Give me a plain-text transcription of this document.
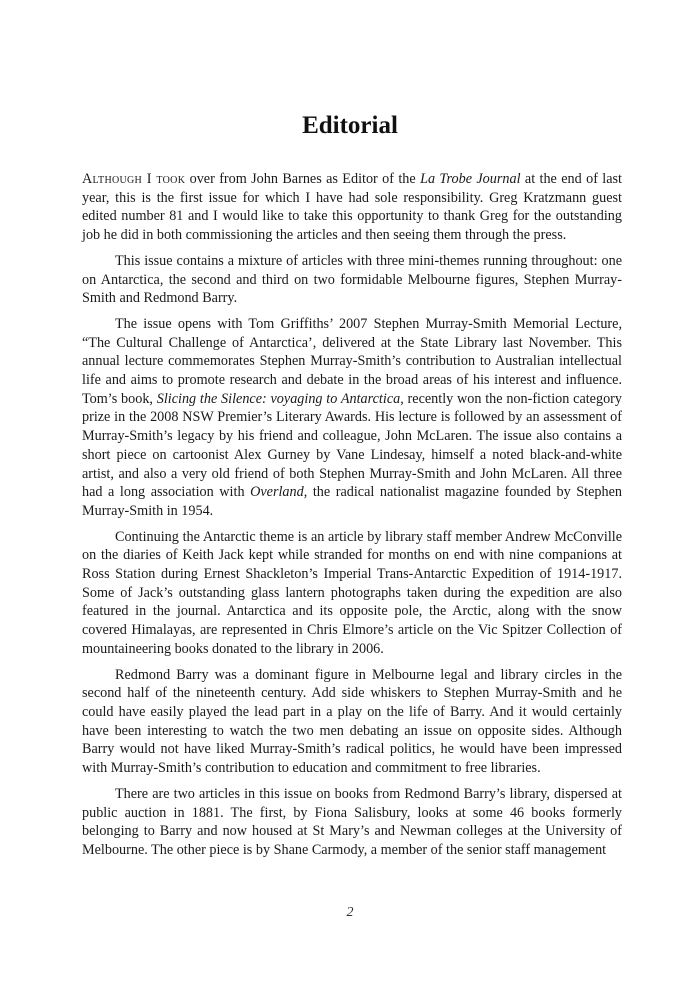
Editorial

Although I took over from John Barnes as Editor of the La Trobe Journal at the end of last year, this is the first issue for which I have had sole responsibility. Greg Kratzmann guest edited number 81 and I would like to take this opportunity to thank Greg for the outstanding job he did in both commissioning the articles and then seeing them through the press.

This issue contains a mixture of articles with three mini-themes running throughout: one on Antarctica, the second and third on two formidable Melbourne figures, Stephen Murray-Smith and Redmond Barry.

The issue opens with Tom Griffiths’ 2007 Stephen Murray-Smith Memorial Lecture, “The Cultural Challenge of Antarctica’, delivered at the State Library last November. This annual lecture commemorates Stephen Murray-Smith’s contribution to Australian intellectual life and aims to promote research and debate in the broad areas of his interest and influence. Tom’s book, Slicing the Silence: voyaging to Antarctica, recently won the non-fiction category prize in the 2008 NSW Premier’s Literary Awards. His lecture is followed by an assessment of Murray-Smith’s legacy by his friend and colleague, John McLaren. The issue also contains a short piece on cartoonist Alex Gurney by Vane Lindesay, himself a noted black-and-white artist, and also a very old friend of both Stephen Murray-Smith and John McLaren. All three had a long association with Overland, the radical nationalist magazine founded by Stephen Murray-Smith in 1954.

Continuing the Antarctic theme is an article by library staff member Andrew McConville on the diaries of Keith Jack kept while stranded for months on end with nine companions at Ross Station during Ernest Shackleton’s Imperial Trans-Antarctic Expedition of 1914-1917. Some of Jack’s outstanding glass lantern photographs taken during the expedition are also featured in the journal. Antarctica and its opposite pole, the Arctic, along with the snow covered Himalayas, are represented in Chris Elmore’s article on the Vic Spitzer Collection of mountaineering books donated to the library in 2006.

Redmond Barry was a dominant figure in Melbourne legal and library circles in the second half of the nineteenth century. Add side whiskers to Stephen Murray-Smith and he could have easily played the lead part in a play on the life of Barry. And it would certainly have been interesting to watch the two men debating an issue on opposite sides. Although Barry would not have liked Murray-Smith’s radical politics, he would have been impressed with Murray-Smith’s contribution to education and commitment to free libraries.

There are two articles in this issue on books from Redmond Barry’s library, dispersed at public auction in 1881. The first, by Fiona Salisbury, looks at some 46 books formerly belonging to Barry and now housed at St Mary’s and Newman colleges at the University of Melbourne. The other piece is by Shane Carmody, a member of the senior staff management

2
